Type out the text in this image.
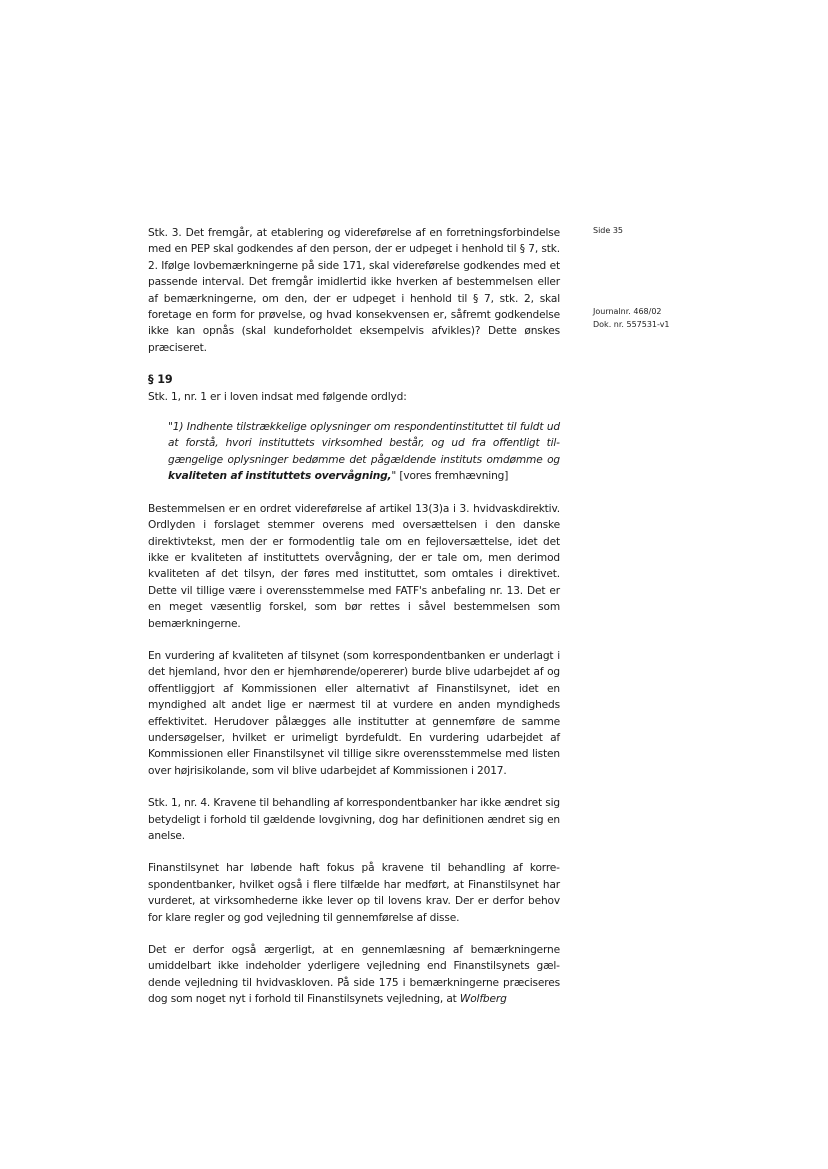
Side 35
Journalnr. 468/02
Dok. nr. 557531-v1

Stk. 3. Det fremgår, at etablering og videreførelse af en forretningsforbindelse med en PEP skal godkendes af den person, der er udpeget i henhold til § 7, stk. 2. Ifølge lovbemærkningerne på side 171, skal videreførelse godkendes med et passende interval. Det fremgår imidlertid ikke hverken af bestemmelsen eller af bemærkningerne, om den, der er udpeget i henhold til § 7, stk. 2, skal foretage en form for prøvelse, og hvad konsekvensen er, såfremt godkendelse ikke kan opnås (skal kundeforholdet eksempelvis afvikles)? Dette ønskes præciseret.

§ 19

Stk. 1, nr. 1 er i loven indsat med følgende ordlyd:

"1) Indhente tilstrækkelige oplysninger om respondentinstituttet til fuldt ud at forstå, hvori instituttets virksomhed består, og ud fra offentligt tilgængelige oplysninger bedømme det pågældende instituts omdømme og kvaliteten af instituttets overvågning," [vores fremhævning]

Bestemmelsen er en ordret videreførelse af artikel 13(3)a i 3. hvidvaskdirektiv. Ordlyden i forslaget stemmer overens med oversættelsen i den danske direktivtekst, men der er formodentlig tale om en fejloversættelse, idet det ikke er kvaliteten af instituttets overvågning, der er tale om, men derimod kvaliteten af det tilsyn, der føres med instituttet, som omtales i direktivet. Dette vil tillige være i overensstemmelse med FATF's anbefaling nr. 13. Det er en meget væsentlig forskel, som bør rettes i såvel bestemmelsen som bemærkningerne.

En vurdering af kvaliteten af tilsynet (som korrespondentbanken er underlagt i det hjemland, hvor den er hjemhørende/opererer) burde blive udarbejdet af og offentliggjort af Kommissionen eller alternativt af Finanstilsynet, idet en myndighed alt andet lige er nærmest til at vurdere en anden myndigheds effektivitet. Herudover pålægges alle institutter at gennemføre de samme undersøgelser, hvilket er urimeligt byrdefuldt. En vurdering udarbejdet af Kommissionen eller Finanstilsynet vil tillige sikre overensstemmelse med listen over højrisikolande, som vil blive udarbejdet af Kommissionen i 2017.

Stk. 1, nr. 4. Kravene til behandling af korrespondentbanker har ikke ændret sig betydeligt i forhold til gældende lovgivning, dog har definitionen ændret sig en anelse.

Finanstilsynet har løbende haft fokus på kravene til behandling af korrespondentbanker, hvilket også i flere tilfælde har medført, at Finanstilsynet har vurderet, at virksomhederne ikke lever op til lovens krav. Der er derfor behov for klare regler og god vejledning til gennemførelse af disse.

Det er derfor også ærgerligt, at en gennemlæsning af bemærkningerne umiddelbart ikke indeholder yderligere vejledning end Finanstilsynets gældende vejledning til hvidvaskloven. På side 175 i bemærkningerne præciseres dog som noget nyt i forhold til Finanstilsynets vejledning, at Wolfberg
